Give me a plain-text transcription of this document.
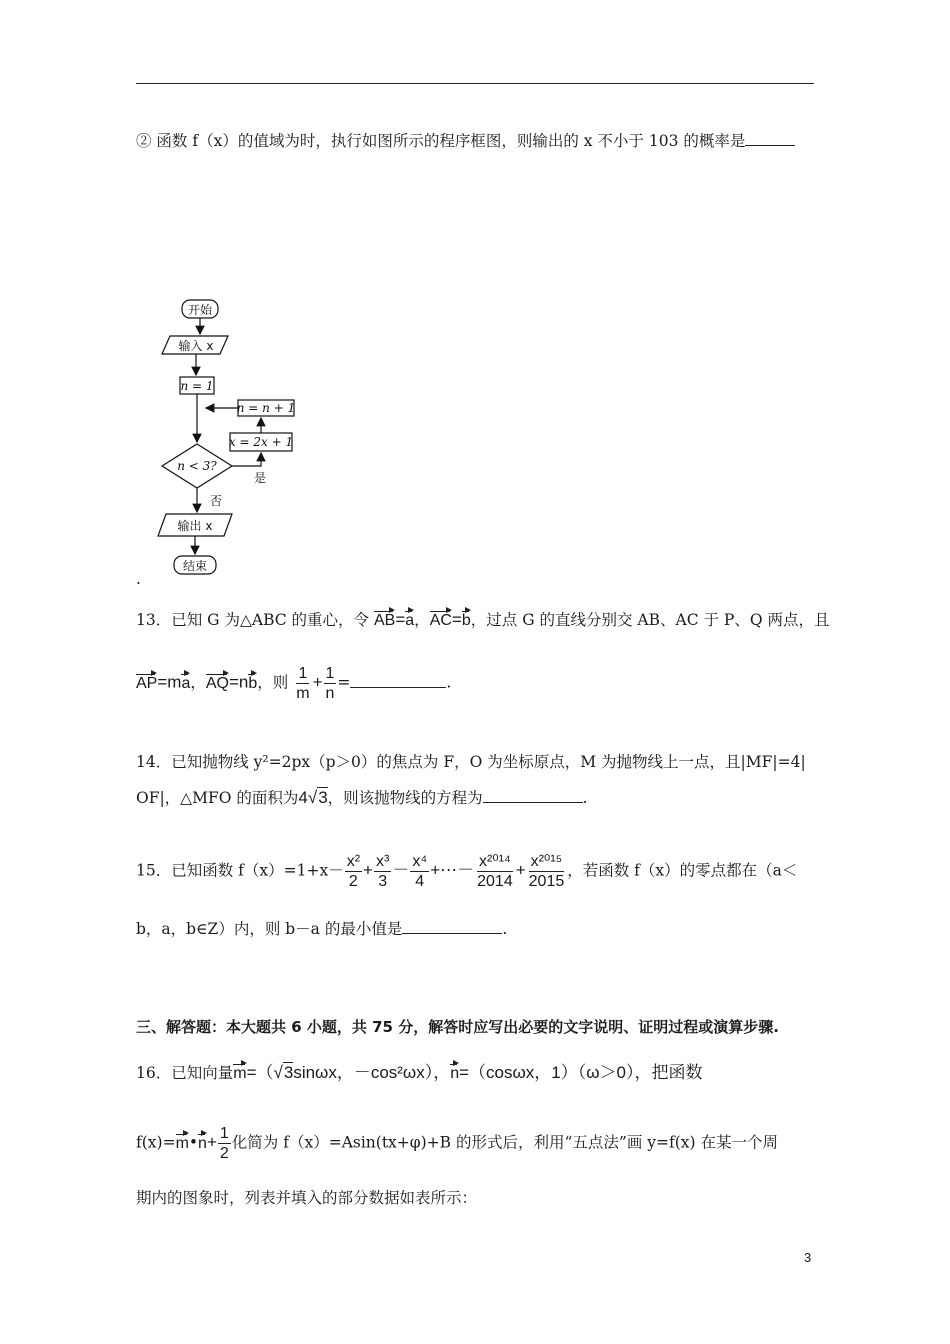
② 函数 f（x）的值域为时，执行如图所示的程序框图，则输出的 x 不小于 103 的概率是
开始
输入 x
n = 1
n = n + 1
x = 2x + 1
n < 3?
是
否
输出 x
结束
.
13．已知 G 为△ABC 的重心，令 AB=a，AC=b，过点 G 的直线分别交 AB、AC 于 P、Q 两点，且
AP=ma，AQ=nb，则 $\frac{1}{m} + \frac{1}{n}$ =	.
14．已知抛物线 y²=2px（p＞0）的焦点为 F，O 为坐标原点，M 为抛物线上一点，且|MF|=4|
OF|，△MFO 的面积为4√3，则该抛物线的方程为	.
15．已知函数 $f(x)=1+x- \frac{\text{x²}}{2} + \frac{\text{x³}}{3} - \frac{\text{x⁴}}{4}$ +⋯－ $\frac{\text{x²⁰¹⁴}}{2014} + \frac{\text{x²⁰¹⁵}}{2015}$ ，若函数 f（x）的零点都在（a＜
b，a，b∈Z）内，则 b－a 的最小值是	.
三、解答题：本大题共 6 小题，共 75 分，解答时应写出必要的文字说明、证明过程或演算步骤.
16．已知向量m=（√3sinωx，－cos²ωx），n=（cosωx，1）（ω＞0），把函数
f(x)=m•n+ $\frac{1}{2}$ 化简为 f（x）=Asin(tx+φ)+B 的形式后，利用“五点法”画 y=f(x) 在某一个周
期内的图象时，列表并填入的部分数据如表所示：
3
